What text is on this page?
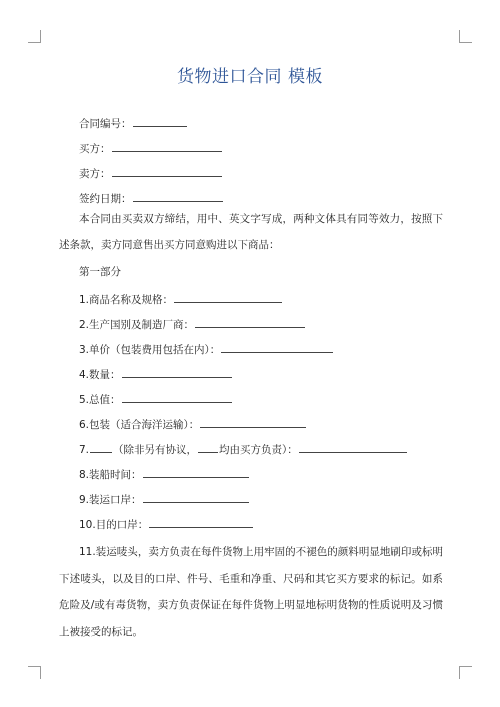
货物进口合同 模板
合同编号：
买方：
卖方：
签约日期：
本合同由买卖双方缔结，用中、英文字写成，两种文体具有同等效力，按照下述条款，卖方同意售出买方同意购进以下商品：
第一部分
1.商品名称及规格：
2.生产国别及制造厂商：
3.单价（包装费用包括在内）：
4.数量：
5.总值：
6.包装（适合海洋运输）：
7. （除非另有协议， 均由买方负责）：
8.装船时间：
9.装运口岸：
10.目的口岸：
11.装运唛头，卖方负责在每件货物上用牢固的不褪色的颜料明显地刷印或标明下述唛头，以及目的口岸、件号、毛重和净重、尺码和其它买方要求的标记。如系危险及/或有毒货物，卖方负责保证在每件货物上明显地标明货物的性质说明及习惯上被接受的标记。
